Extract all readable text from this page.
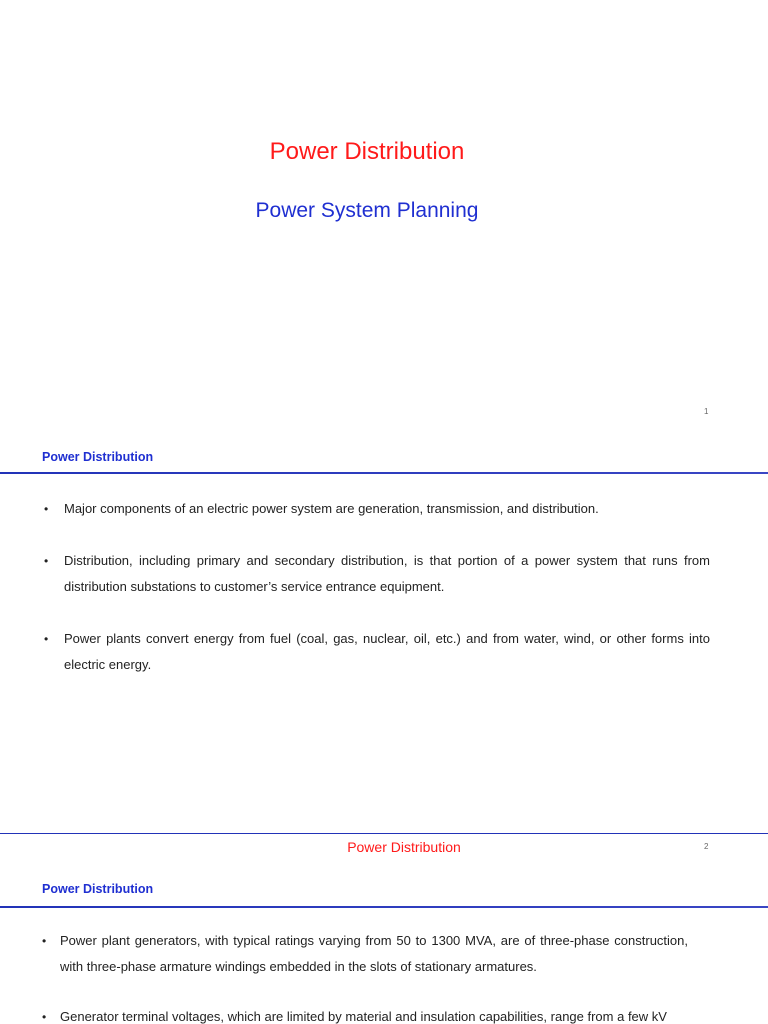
Power Distribution
Power System Planning
1
Power Distribution
• Major components of an electric power system are generation, transmission, and distribution.
• Distribution, including primary and secondary distribution, is that portion of a power system that runs from distribution substations to customer’s service entrance equipment.
• Power plants convert energy from fuel (coal, gas, nuclear, oil, etc.) and from water, wind, or other forms into electric energy.
Power Distribution	2
Power Distribution
• Power plant generators, with typical ratings varying from 50 to 1300 MVA, are of three-phase construction, with three-phase armature windings embedded in the slots of stationary armatures.
• Generator terminal voltages, which are limited by material and insulation capabilities, range from a few kV
